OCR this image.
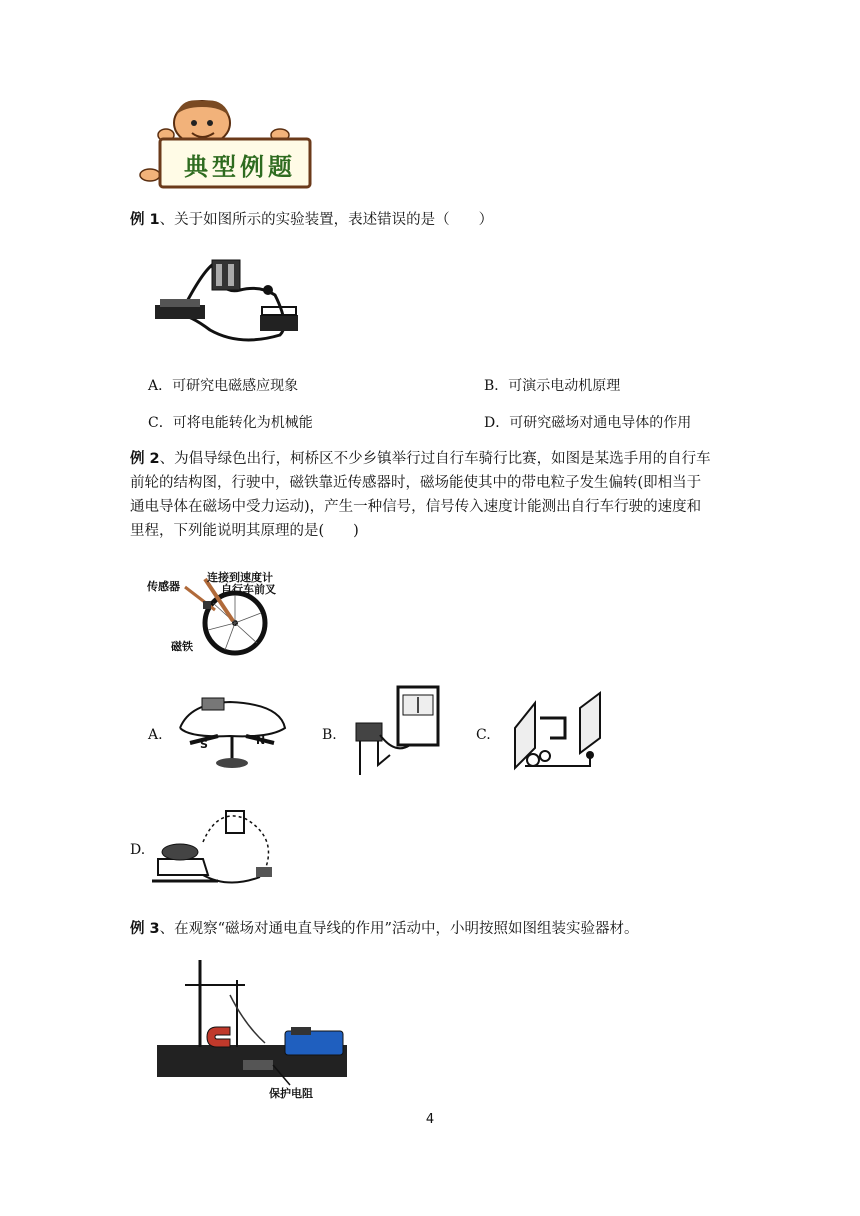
典型例题
例 1、关于如图所示的实验装置，表述错误的是（　　）
A．可研究电磁感应现象	B．可演示电动机原理
C．可将电能转化为机械能	D．可研究磁场对通电导体的作用
例 2、为倡导绿色出行，柯桥区不少乡镇举行过自行车骑行比赛，如图是某选手用的自行车
前轮的结构图，行驶中，磁铁靠近传感器时，磁场能使其中的带电粒子发生偏转(即相当于
通电导体在磁场中受力运动)，产生一种信号，信号传入速度计能测出自行车行驶的速度和
里程，下列能说明其原理的是(　　)
传感器
连接到速度计
自行车前叉
磁铁
A.
S	N	B.	C.
D.
例 3、在观察“磁场对通电直导线的作用”活动中，小明按照如图组装实验器材。
保护电阻
4
